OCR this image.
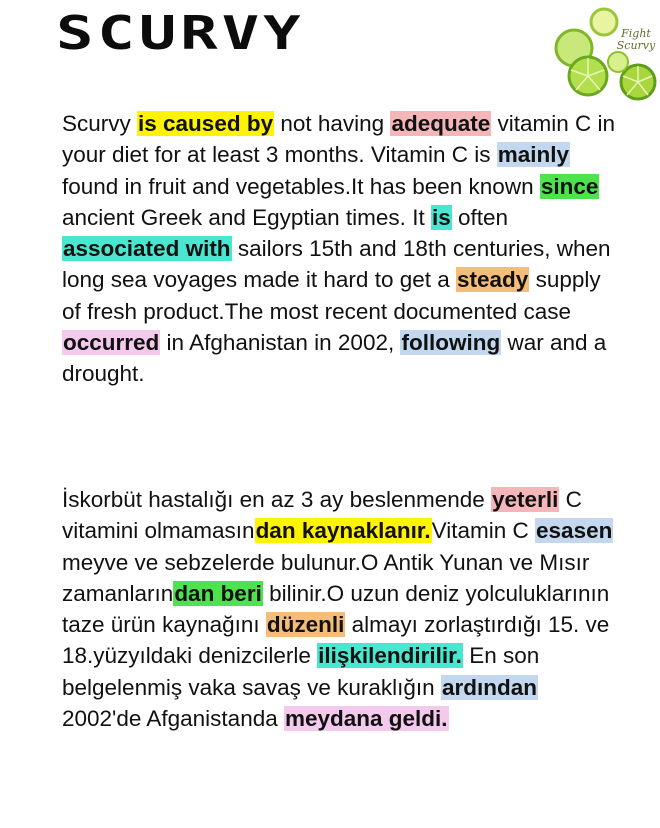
SCURVY	Fight
Scurvy

Scurvy is caused by not having adequate vitamin C in your diet for at least 3 months. Vitamin C is mainly found in fruit and vegetables.It has been known since ancient Greek and Egyptian times. It is often associated with sailors 15th and 18th centuries, when long sea voyages made it hard to get a steady supply of fresh product.The most recent documented case occurred in Afghanistan in 2002, following war and a drought.

İskorbüt hastalığı en az 3 ay beslenmende yeterli C vitamini olmamasından kaynaklanır.Vitamin C esasen meyve ve sebzelerde bulunur.O Antik Yunan ve Mısır zamanlarından beri bilinir.O uzun deniz yolculuklarının taze ürün kaynağını düzenli almayı zorlaştırdığı 15. ve 18.yüzyıldaki denizcilerle ilişkilendirilir. En son belgelenmiş vaka savaş ve kuraklığın ardından 2002'de Afganistanda meydana geldi.
